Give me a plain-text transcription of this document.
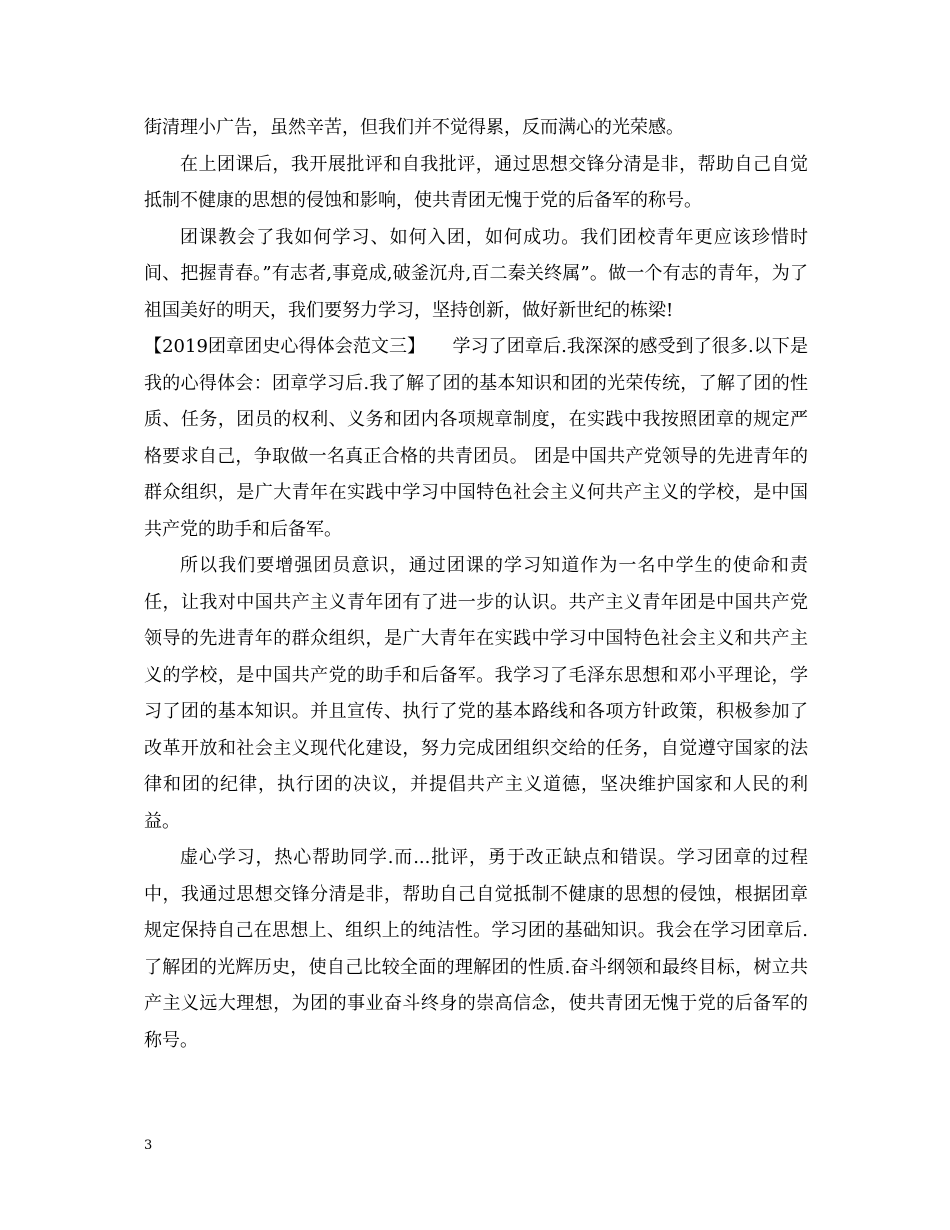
街清理小广告，虽然辛苦，但我们并不觉得累，反而满心的光荣感。

在上团课后，我开展批评和自我批评，通过思想交锋分清是非，帮助自己自觉抵制不健康的思想的侵蚀和影响，使共青团无愧于党的后备军的称号。

团课教会了我如何学习、如何入团，如何成功。我们团校青年更应该珍惜时间、把握青春。”有志者,事竟成,破釜沉舟,百二秦关终属”。做一个有志的青年，为了祖国美好的明天，我们要努力学习，坚持创新，做好新世纪的栋梁!

【2019团章团史心得体会范文三】　　学习了团章后.我深深的感受到了很多.以下是我的心得体会：团章学习后.我了解了团的基本知识和团的光荣传统，了解了团的性质、任务，团员的权利、义务和团内各项规章制度，在实践中我按照团章的规定严格要求自己，争取做一名真正合格的共青团员。 团是中国共产党领导的先进青年的群众组织，是广大青年在实践中学习中国特色社会主义何共产主义的学校，是中国共产党的助手和后备军。

所以我们要增强团员意识，通过团课的学习知道作为一名中学生的使命和责任，让我对中国共产主义青年团有了进一步的认识。共产主义青年团是中国共产党领导的先进青年的群众组织，是广大青年在实践中学习中国特色社会主义和共产主义的学校，是中国共产党的助手和后备军。我学习了毛泽东思想和邓小平理论，学习了团的基本知识。并且宣传、执行了党的基本路线和各项方针政策，积极参加了改革开放和社会主义现代化建设，努力完成团组织交给的任务，自觉遵守国家的法律和团的纪律，执行团的决议，并提倡共产主义道德，坚决维护国家和人民的利益。

虚心学习，热心帮助同学.而...批评，勇于改正缺点和错误。学习团章的过程中，我通过思想交锋分清是非，帮助自己自觉抵制不健康的思想的侵蚀，根据团章规定保持自己在思想上、组织上的纯洁性。学习团的基础知识。我会在学习团章后.了解团的光辉历史，使自己比较全面的理解团的性质.奋斗纲领和最终目标，树立共产主义远大理想，为团的事业奋斗终身的崇高信念，使共青团无愧于党的后备军的称号。

3
